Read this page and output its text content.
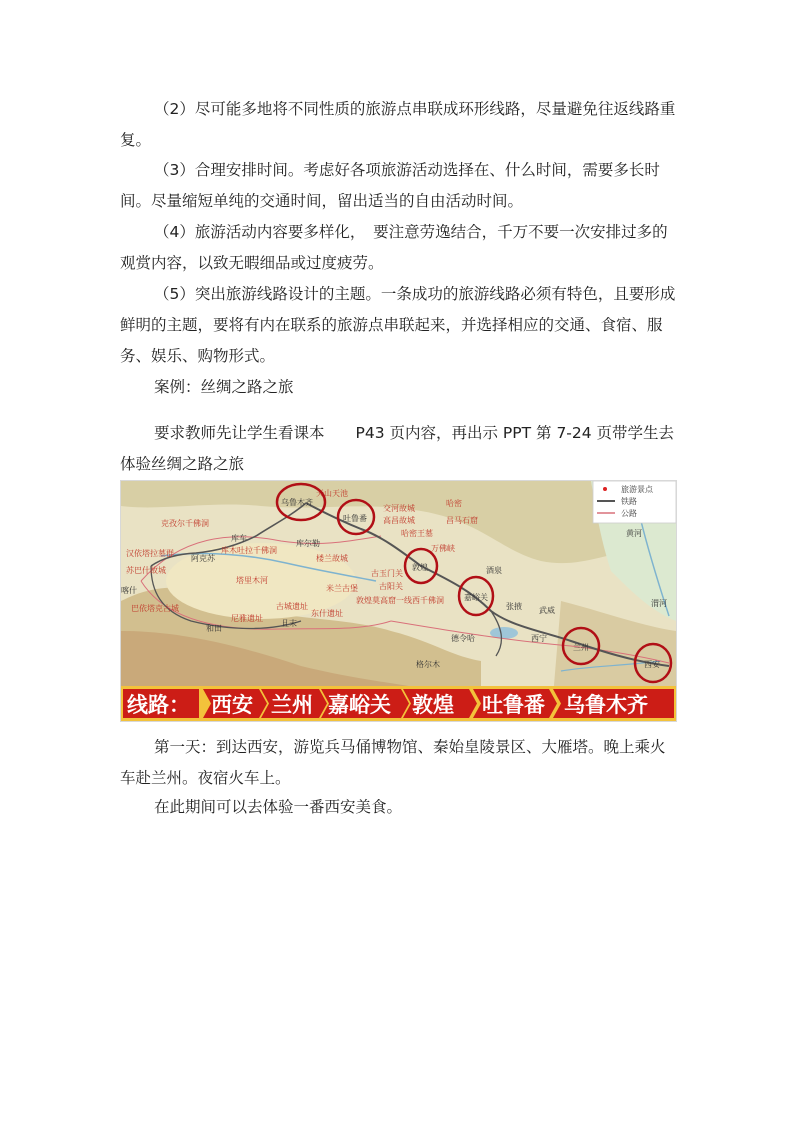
（2）尽可能多地将不同性质的旅游点串联成环形线路，尽量避免往返线路重复。

（3）合理安排时间。考虑好各项旅游活动选择在、什么时间，需要多长时间。尽量缩短单纯的交通时间，留出适当的自由活动时间。

（4）旅游活动内容要多样化，　要注意劳逸结合，千万不要一次安排过多的观赏内容，以致无暇细品或过度疲劳。

（5）突出旅游线路设计的主题。一条成功的旅游线路必须有特色，且要形成鲜明的主题，要将有内在联系的旅游点串联起来，并选择相应的交通、食宿、服务、娱乐、购物形式。

案例：丝绸之路之旅

要求教师先让学生看课本　　P43 页内容，再出示 PPT 第 7-24 页带学生去体验丝绸之路之旅

天山天池
交河故城
高昌故城
哈密
哈密王墓
汉依塔拉墓群
克孜尔千佛洞
阿克苏
库车
苏巴什故城
库木吐拉千佛洞
库尔勒
楼兰故城
古玉门关
古阳关
米兰古堡
喀什
巴依塔克古城
尼雅遗址
古城遗址
且末
东什遗址
格尔木
德令哈	西宁
张掖 武威
酒泉
万佛峡
昌马石窟
黄河
渭河
塔里木河
敦煌莫高窟一线西千佛洞
和田
乌鲁木齐
吐鲁番
敦煌
嘉峪关
兰州
西安
旅游景点
铁路
公路
线路： 西安 兰州 嘉峪关 敦煌 吐鲁番 乌鲁木齐

第一天：到达西安，游览兵马俑博物馆、秦始皇陵景区、大雁塔。晚上乘火车赴兰州。夜宿火车上。

在此期间可以去体验一番西安美食。
